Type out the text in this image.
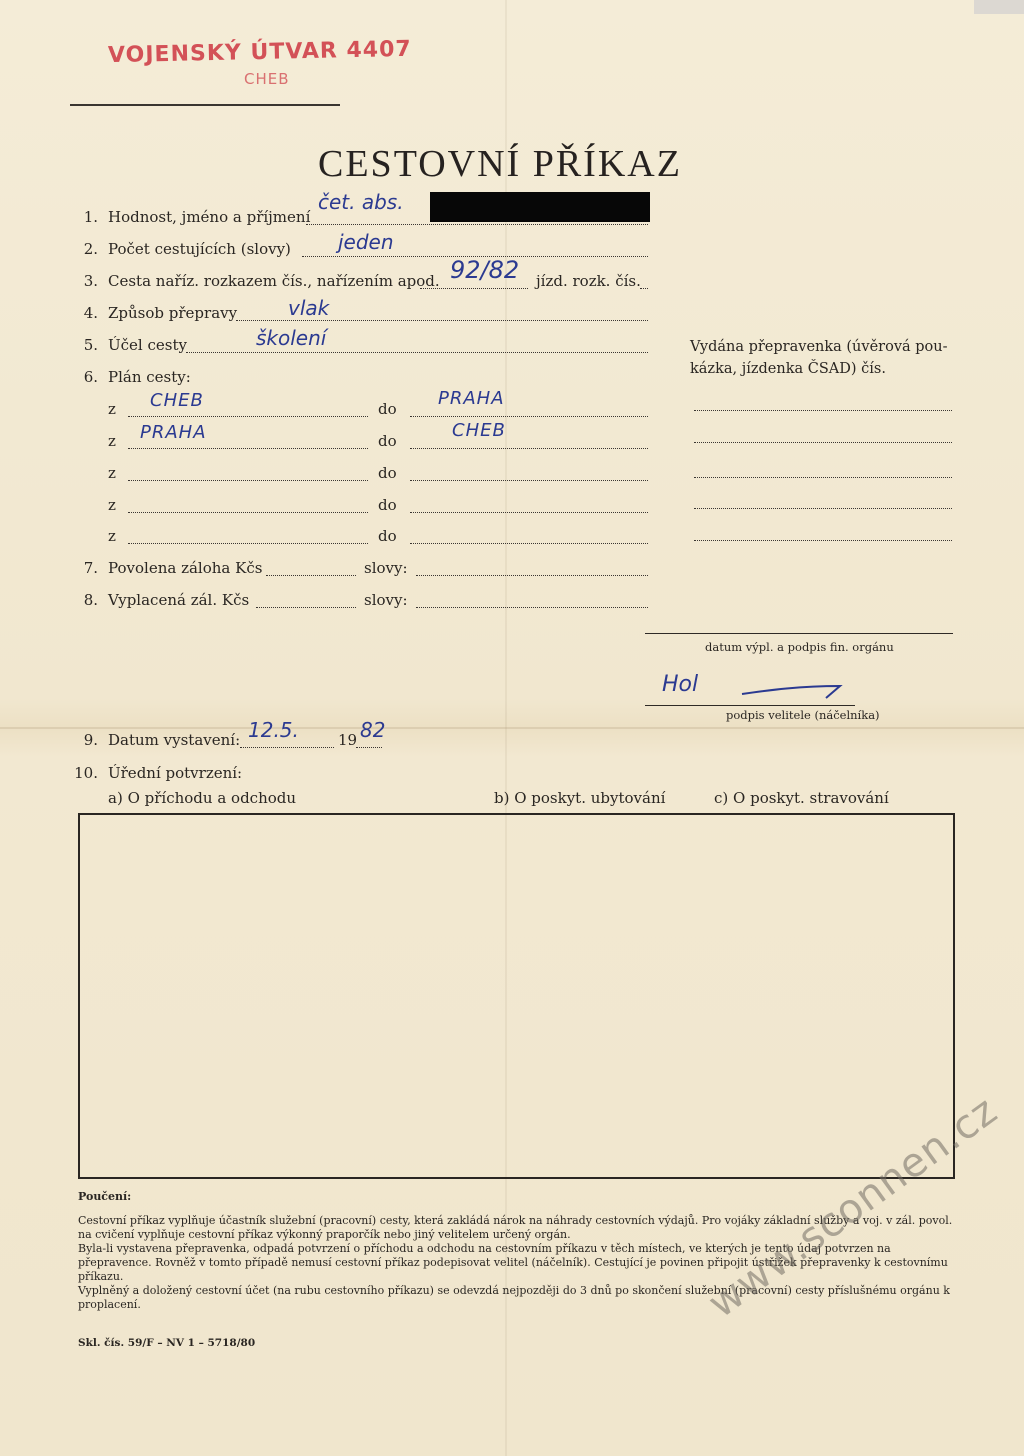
VOJENSKÝ ÚTVAR 4407
CHEB
CESTOVNÍ PŘÍKAZ
1. Hodnost, jméno a příjmení
čet. abs.
2. Počet cestujících (slovy) jeden
3. Cesta naříz. rozkazem čís., nařízením apod. 92/82 jízd. rozk. čís.
4. Způsob přepravy	vlak
5. Účel cesty	školení
6. Plán cesty:
z CHEB	do PRAHA
z PRAHA	do	CHEB
z	do
z	do
z	do
7. Povolena záloha Kčs	slovy:
8. Vyplacená zál. Kčs	slovy:
Vydána přepravenka (úvěrová pou-
kázka, jízdenka ČSAD) čís.
datum výpl. a podpis fin. orgánu
Hol
podpis velitele (náčelníka)
9. Datum vystavení: 12.5.	19 82
10. Úřední potvrzení:
a) O příchodu a odchodu	b) O poskyt. ubytování	c) O poskyt. stravování
Poučení:

Cestovní příkaz vyplňuje účastník služební (pracovní) cesty, která zakládá nárok na náhrady cestovních výdajů. Pro vojáky základní služby a voj. v zál. povol. na cvičení vyplňuje cestovní příkaz výkonný praporčík nebo jiný velitelem určený orgán.

Byla-li vystavena přepravenka, odpadá potvrzení o příchodu a odchodu na cestovním příkazu v těch místech, ve kterých je tento údaj potvrzen na přepravence. Rovněž v tomto případě nemusí cestovní příkaz podepisovat velitel (náčelník). Cestující je povinen připojit ústřižek přepravenky k cestovnímu příkazu.

Vyplněný a doložený cestovní účet (na rubu cestovního příkazu) se odevzdá nejpozději do 3 dnů po skončení služební (pracovní) cesty příslušnému orgánu k proplacení.

Skl. čís. 59/F – NV 1 – 5718/80
www.sconnen.cz
